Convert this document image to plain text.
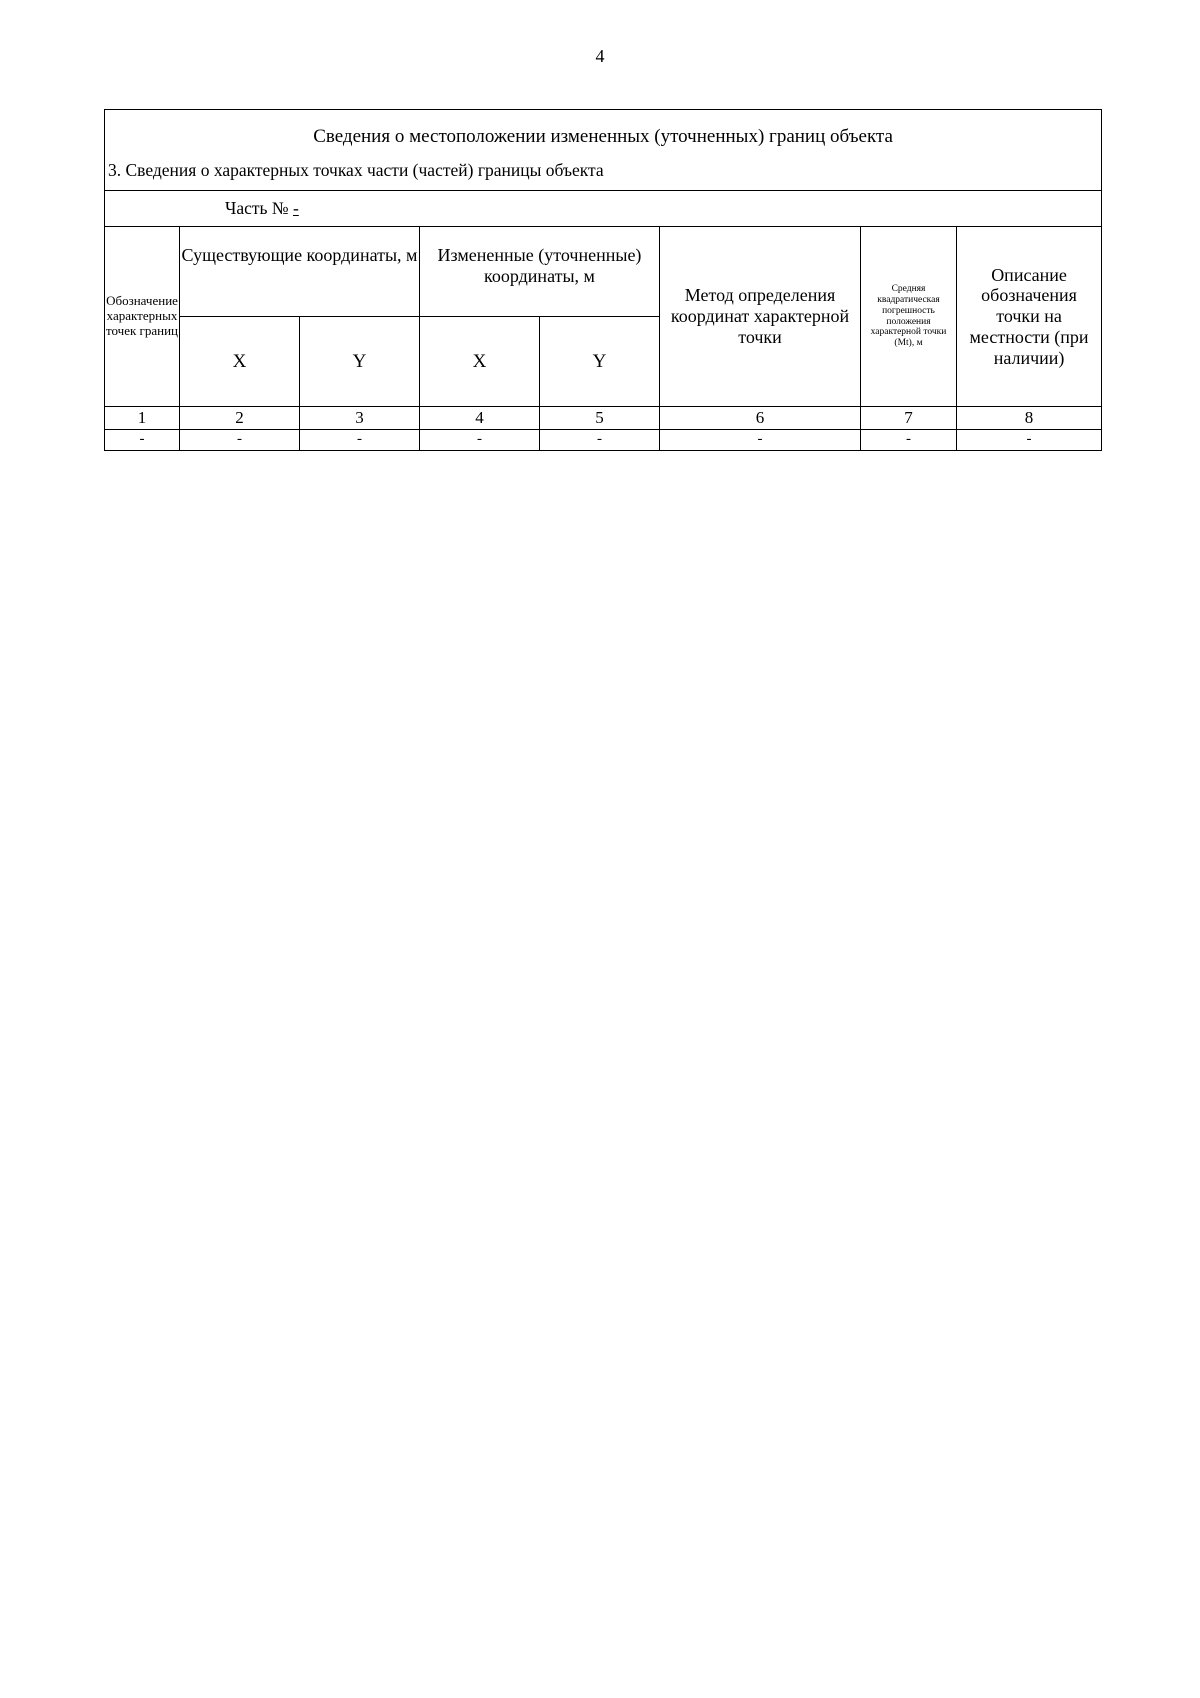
4
Сведения о местоположении измененных (уточненных) границ объекта
3. Сведения о характерных точках части (частей) границы объекта							

Часть № -							
Обозначение характерных точек границ	Существующие координаты, м		Измененные (уточненные) координаты, м		Метод определения координат характерной точки	Средняя квадратическая погрешность положения характерной точки (Mt), м	Описание обозначения точки на местности (при наличии)
	X	Y	X	Y			
1	2	3	4	5	6	7	8
-	-	-	-	-	-	-	-
